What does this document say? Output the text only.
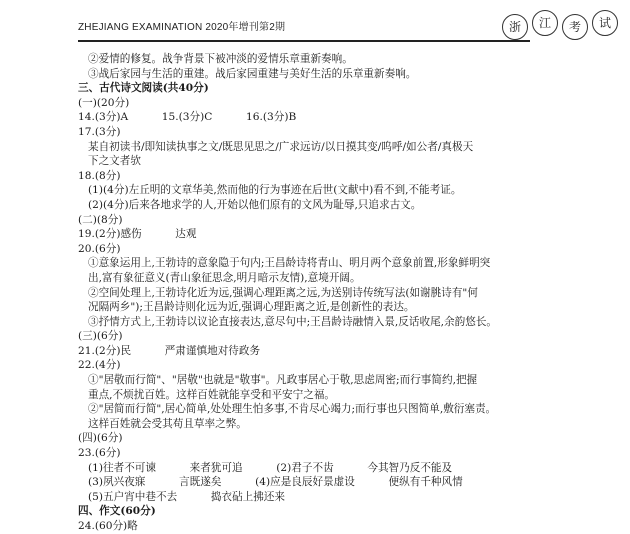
ZHEJIANG EXAMINATION 2020年增刊第2期	浙	江	考	试
②爱情的修复。战争背景下被冲淡的爱情乐章重新奏响。
③战后家园与生活的重建。战后家园重建与美好生活的乐章重新奏响。
三、古代诗文阅读(共40分)
(一)(20分)
14.(3分)A          15.(3分)C          16.(3分)B
17.(3分)
某自初读书/即知读执事之文/既思见思之/广求远访/以日摸其变/呜呼/如公者/真极天
下之文者欤
18.(8分)
(1)(4分)左丘明的文章华美,然而他的行为事迹在后世(文献中)看不到,不能考证。
(2)(4分)后来各地求学的人,开始以他们原有的文风为耻辱,只追求古文。
(二)(8分)
19.(2分)感伤          达观
20.(6分)
①意象运用上,王勃诗的意象隐于句内;王昌龄诗将青山、明月两个意象前置,形象鲜明突
出,富有象征意义(青山象征思念,明月暗示友情),意境开阔。
②空间处理上,王勃诗化近为远,强调心理距离之远,为送别诗传统写法(如谢朓诗有"何
况隔两乡");王昌龄诗则化远为近,强调心理距离之近,是创新性的表达。
③抒情方式上,王勃诗以议论直接表达,意尽句中;王昌龄诗融情入景,反话收尾,余韵悠长。
(三)(6分)
21.(2分)民          严肃谨慎地对待政务
22.(4分)
①"居敬而行简"、"居敬"也就是"敬事"。凡政事居心于敬,思虑周密;而行事简约,把握
重点,不烦扰百姓。这样百姓就能享受和平安宁之福。
②"居简而行简",居心简单,处处理生怕多事,不肯尽心竭力;而行事也只图简单,敷衍塞责。
这样百姓就会受其苟且草率之弊。
(四)(6分)
23.(6分)
(1)往者不可谏          来者犹可追          (2)君子不齿          今其智乃反不能及
(3)夙兴夜寐          言既遂矣          (4)应是良辰好景虚设          便纵有千种风情
(5)五户宵中巷不去          捣衣砧上拂还来
四、作文(60分)
24.(60分)略
